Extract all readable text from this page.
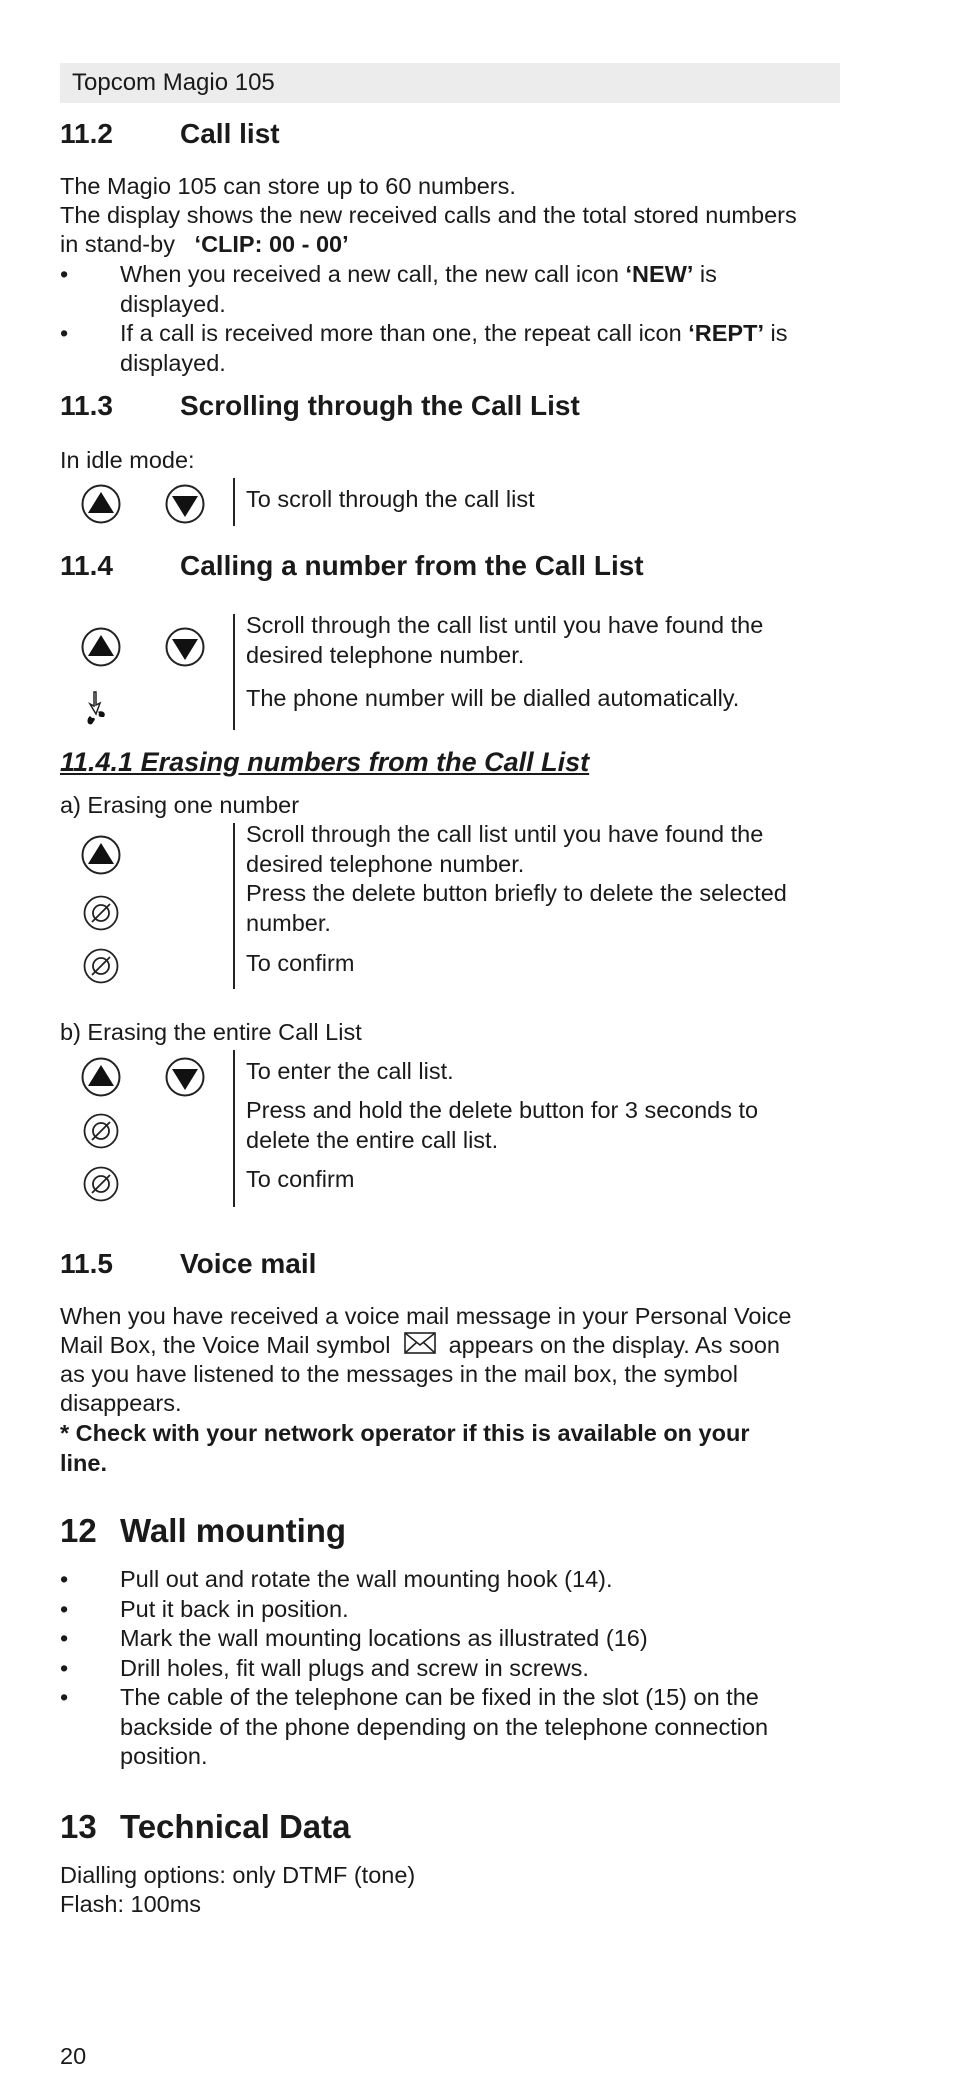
Topcom Magio 105
11.2 Call list
The Magio 105 can store up to 60 numbers.
The display shows the new received calls and the total stored numbers
in stand-by ‘CLIP: 00 - 00’
• When you received a new call, the new call icon ‘NEW’ is
displayed.
• If a call is received more than one, the repeat call icon ‘REPT’ is
displayed.
11.3 Scrolling through the Call List
In idle mode:
To scroll through the call list
11.4 Calling a number from the Call List
Scroll through the call list until you have found the
desired telephone number.
The phone number will be dialled automatically.
11.4.1 Erasing numbers from the Call List
a) Erasing one number
Scroll through the call list until you have found the
desired telephone number.
Press the delete button briefly to delete the selected
number.
To confirm
b) Erasing the entire Call List
To enter the call list.
Press and hold the delete button for 3 seconds to
delete the entire call list.
To confirm
11.5 Voice mail
When you have received a voice mail message in your Personal Voice
Mail Box, the Voice Mail symbol appears on the display. As soon
as you have listened to the messages in the mail box, the symbol
disappears.
* Check with your network operator if this is available on your
line.
12 Wall mounting
• Pull out and rotate the wall mounting hook (14).
• Put it back in position.
• Mark the wall mounting locations as illustrated (16)
• Drill holes, fit wall plugs and screw in screws.
• The cable of the telephone can be fixed in the slot (15) on the
backside of the phone depending on the telephone connection
position.
13 Technical Data
Dialling options: only DTMF (tone)
Flash: 100ms
20
